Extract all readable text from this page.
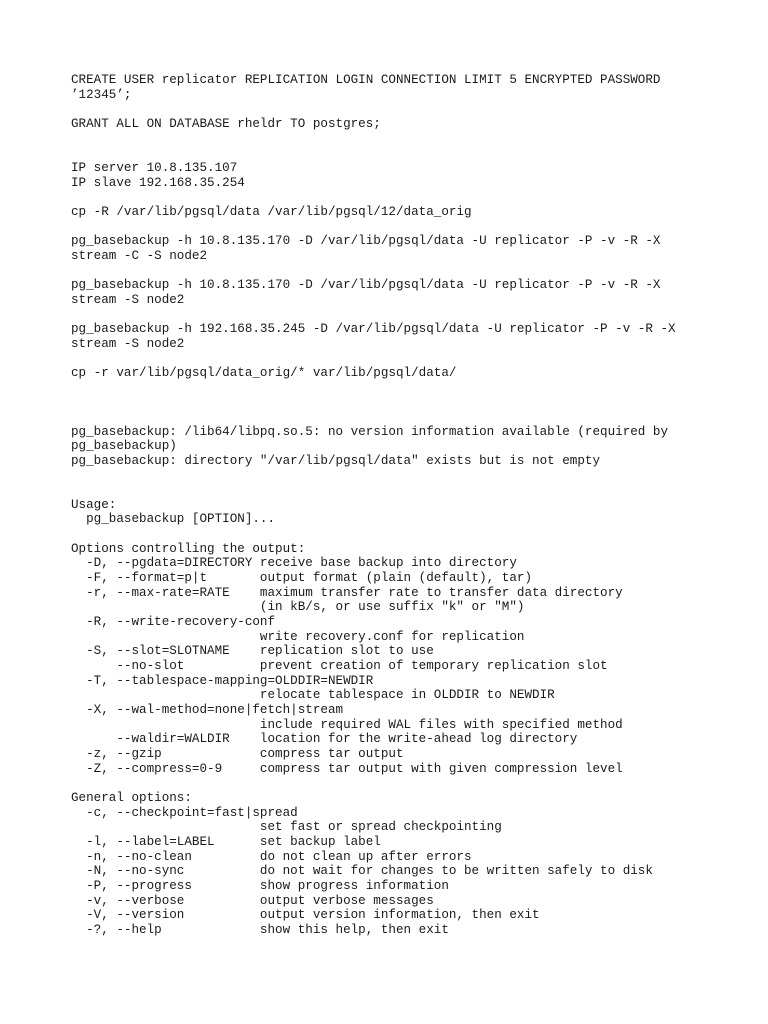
CREATE USER replicator REPLICATION LOGIN CONNECTION LIMIT 5 ENCRYPTED PASSWORD
’12345’;
GRANT ALL ON DATABASE rheldr TO postgres;
IP server 10.8.135.107
IP slave 192.168.35.254
cp -R /var/lib/pgsql/data /var/lib/pgsql/12/data_orig
pg_basebackup -h 10.8.135.170 -D /var/lib/pgsql/data -U replicator -P -v -R -X
stream -C -S node2
pg_basebackup -h 10.8.135.170 -D /var/lib/pgsql/data -U replicator -P -v -R -X
stream -S node2
pg_basebackup -h 192.168.35.245 -D /var/lib/pgsql/data -U replicator -P -v -R -X
stream -S node2
cp -r var/lib/pgsql/data_orig/* var/lib/pgsql/data/
pg_basebackup: /lib64/libpq.so.5: no version information available (required by
pg_basebackup)
pg_basebackup: directory "/var/lib/pgsql/data" exists but is not empty
Usage:
pg_basebackup [OPTION]...
Options controlling the output:
-D, --pgdata=DIRECTORY receive base backup into directory
-F, --format=p|t       output format (plain (default), tar)
-r, --max-rate=RATE    maximum transfer rate to transfer data directory
(in kB/s, or use suffix "k" or "M")
-R, --write-recovery-conf
write recovery.conf for replication
-S, --slot=SLOTNAME    replication slot to use
--no-slot          prevent creation of temporary replication slot
-T, --tablespace-mapping=OLDDIR=NEWDIR
relocate tablespace in OLDDIR to NEWDIR
-X, --wal-method=none|fetch|stream
include required WAL files with specified method
--waldir=WALDIR    location for the write-ahead log directory
-z, --gzip             compress tar output
-Z, --compress=0-9     compress tar output with given compression level
General options:
-c, --checkpoint=fast|spread
set fast or spread checkpointing
-l, --label=LABEL      set backup label
-n, --no-clean         do not clean up after errors
-N, --no-sync          do not wait for changes to be written safely to disk
-P, --progress         show progress information
-v, --verbose          output verbose messages
-V, --version          output version information, then exit
-?, --help             show this help, then exit
